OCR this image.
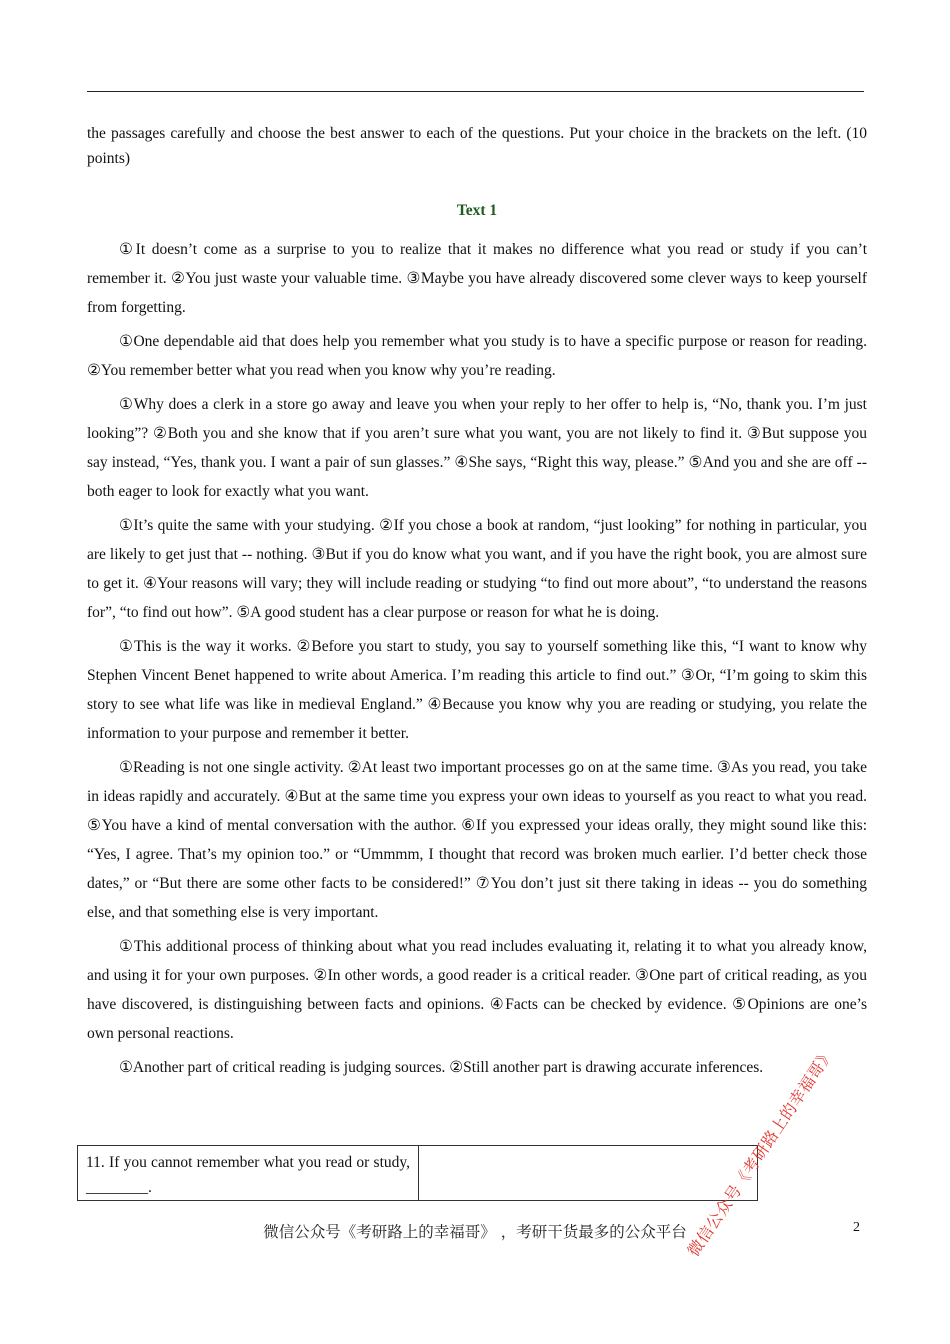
the passages carefully and choose the best answer to each of the questions. Put your choice in the brackets on the left. (10 points)

Text 1

①It doesn’t come as a surprise to you to realize that it makes no difference what you read or study if you can’t remember it. ②You just waste your valuable time. ③Maybe you have already discovered some clever ways to keep yourself from forgetting.

①One dependable aid that does help you remember what you study is to have a specific purpose or reason for reading. ②You remember better what you read when you know why you’re reading.

①Why does a clerk in a store go away and leave you when your reply to her offer to help is, “No, thank you. I’m just looking”? ②Both you and she know that if you aren’t sure what you want, you are not likely to find it. ③But suppose you say instead, “Yes, thank you. I want a pair of sun glasses.” ④She says, “Right this way, please.” ⑤And you and she are off -- both eager to look for exactly what you want.

①It’s quite the same with your studying. ②If you chose a book at random, “just looking” for nothing in particular, you are likely to get just that -- nothing. ③But if you do know what you want, and if you have the right book, you are almost sure to get it. ④Your reasons will vary; they will include reading or studying “to find out more about”, “to understand the reasons for”, “to find out how”. ⑤A good student has a clear purpose or reason for what he is doing.

①This is the way it works. ②Before you start to study, you say to yourself something like this, “I want to know why Stephen Vincent Benet happened to write about America. I’m reading this article to find out.” ③Or, “I’m going to skim this story to see what life was like in medieval England.” ④Because you know why you are reading or studying, you relate the information to your purpose and remember it better.

①Reading is not one single activity. ②At least two important processes go on at the same time. ③As you read, you take in ideas rapidly and accurately. ④But at the same time you express your own ideas to yourself as you react to what you read. ⑤You have a kind of mental conversation with the author. ⑥If you expressed your ideas orally, they might sound like this: “Yes, I agree. That’s my opinion too.” or “Ummmm, I thought that record was broken much earlier. I’d better check those dates,” or “But there are some other facts to be considered!” ⑦You don’t just sit there taking in ideas -- you do something else, and that something else is very important.

①This additional process of thinking about what you read includes evaluating it, relating it to what you already know, and using it for your own purposes. ②In other words, a good reader is a critical reader. ③One part of critical reading, as you have discovered, is distinguishing between facts and opinions. ④Facts can be checked by evidence. ⑤Opinions are one’s own personal reactions.

①Another part of critical reading is judging sources. ②Still another part is drawing accurate inferences.

11. If you cannot remember what you read or study, ________.	
微信公众号《考研路上的幸福哥》 ，考研干货最多的公众平台	2
微信公众号《考研路上的幸福哥》
